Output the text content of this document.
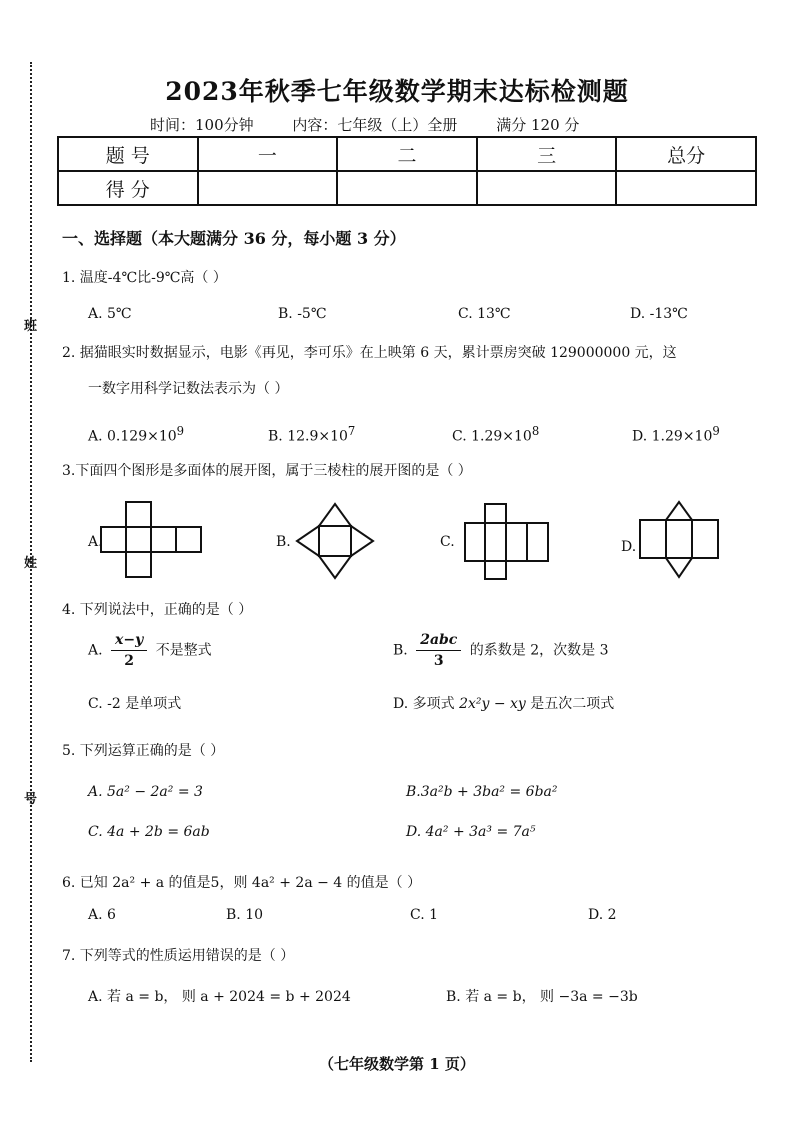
班
姓
号
2023年秋季七年级数学期末达标检测题
时间：100分钟	内容：七年级（上）全册	满分 120 分
题 号	一	二	三	总分
得 分				
一、选择题（本大题满分 36 分，每小题 3 分）
1. 温度-4℃比-9℃高（ ）
A. 5℃	B. -5℃	C. 13℃	D. -13℃
2. 据猫眼实时数据显示，电影《再见，李可乐》在上映第 6 天，累计票房突破 129000000 元，这
一数字用科学记数法表示为（ ）
A. $0.129\times 10^9$	B. $12.9\times 10^7$	C. $1.29\times 10^8$	D. $1.29\times 10^9$
3.下面四个图形是多面体的展开图，属于三棱柱的展开图的是（ ）
A.	B.	C.	D.
4. 下列说法中，正确的是（ ）
A. $\frac{x-y}{2}$ 不是整式	B. $\frac{\text{2abc}}{3}$ 的系数是 2，次数是 3
C. -2 是单项式	D. 多项式 2x²y − xy 是五次二项式
5. 下列运算正确的是（ ）
A. 5a² − 2a² = 3	B.3a²b + 3ba² = 6ba²
C. 4a + 2b = 6ab	D. 4a² + 3a³ = 7a⁵
6. 已知 2a² + a 的值是5，则 4a² + 2a − 4 的值是（ ）
A. 6	B. 10	C. 1	D. 2
7. 下列等式的性质运用错误的是（ ）
A. 若 a = b， 则 a + 2024 = b + 2024	B. 若 a = b， 则 −3a = −3b
（七年级数学第 1 页）
